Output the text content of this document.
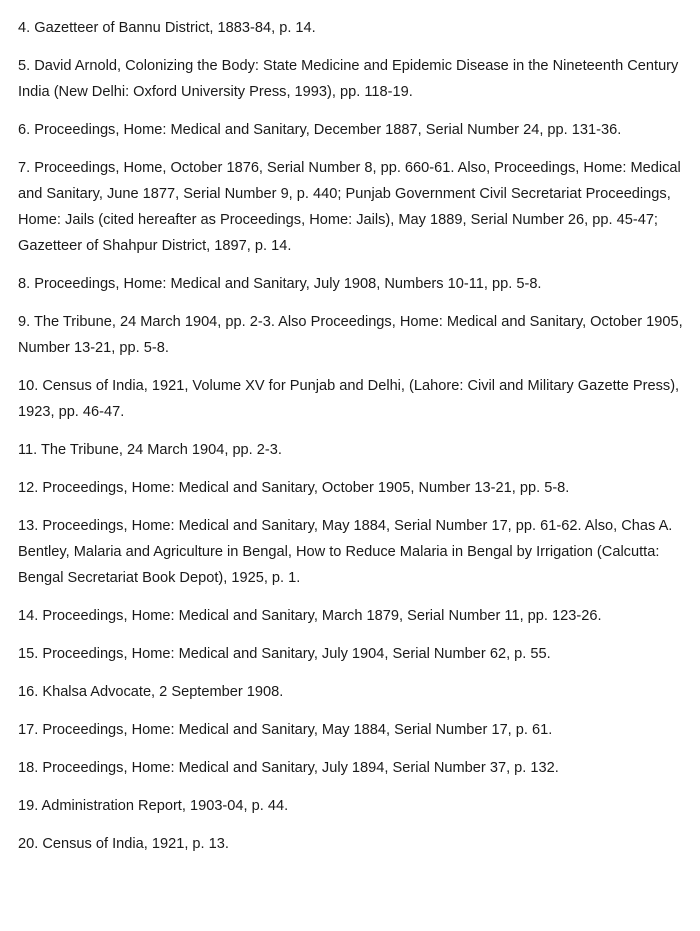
4. Gazetteer of Bannu District, 1883-84, p. 14.

5. David Arnold, Colonizing the Body: State Medicine and Epidemic Disease in the Nineteenth Century India (New Delhi: Oxford University Press, 1993), pp. 118-19.

6. Proceedings, Home: Medical and Sanitary, December 1887, Serial Number 24, pp. 131-36.

7. Proceedings, Home, October 1876, Serial Number 8, pp. 660-61. Also, Proceedings, Home: Medical and Sanitary, June 1877, Serial Number 9, p. 440; Punjab Government Civil Secretariat Proceedings, Home: Jails (cited hereafter as Proceedings, Home: Jails), May 1889, Serial Number 26, pp. 45-47; Gazetteer of Shahpur District, 1897, p. 14.

8. Proceedings, Home: Medical and Sanitary, July 1908, Numbers 10-11, pp. 5-8.

9. The Tribune, 24 March 1904, pp. 2-3. Also Proceedings, Home: Medical and Sanitary, October 1905, Number 13-21, pp. 5-8.

10. Census of India, 1921, Volume XV for Punjab and Delhi, (Lahore: Civil and Military Gazette Press), 1923, pp. 46-47.

11. The Tribune, 24 March 1904, pp. 2-3.

12. Proceedings, Home: Medical and Sanitary, October 1905, Number 13-21, pp. 5-8.

13. Proceedings, Home: Medical and Sanitary, May 1884, Serial Number 17, pp. 61-62. Also, Chas A. Bentley, Malaria and Agriculture in Bengal, How to Reduce Malaria in Bengal by Irrigation (Calcutta: Bengal Secretariat Book Depot), 1925, p. 1.

14. Proceedings, Home: Medical and Sanitary, March 1879, Serial Number 11, pp. 123-26.

15. Proceedings, Home: Medical and Sanitary, July 1904, Serial Number 62, p. 55.

16. Khalsa Advocate, 2 September 1908.

17. Proceedings, Home: Medical and Sanitary, May 1884, Serial Number 17, p. 61.

18. Proceedings, Home: Medical and Sanitary, July 1894, Serial Number 37, p. 132.

19. Administration Report, 1903-04, p. 44.

20. Census of India, 1921, p. 13.
